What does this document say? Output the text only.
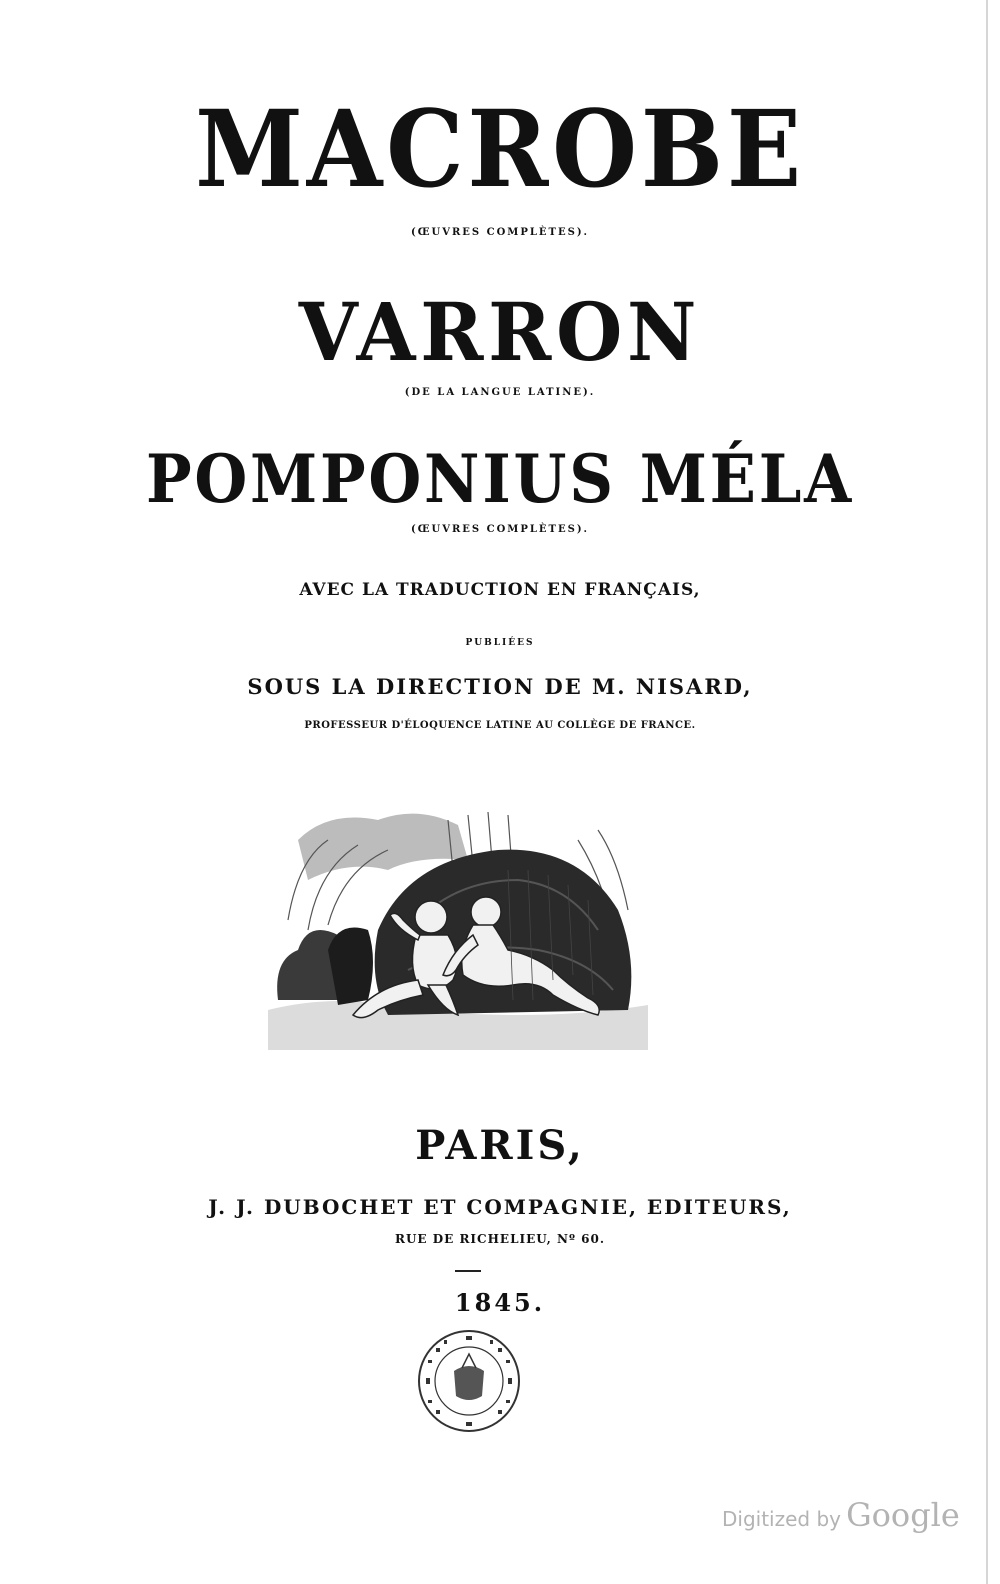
MACROBE
(ŒUVRES COMPLÈTES).
VARRON
(DE LA LANGUE LATINE).
POMPONIUS MÉLA
(ŒUVRES COMPLÈTES).
AVEC LA TRADUCTION EN FRANÇAIS,
PUBLIÉES
SOUS LA DIRECTION DE M. NISARD,
PROFESSEUR D'ÉLOQUENCE LATINE AU COLLÈGE DE FRANCE.
PARIS,
J. J. DUBOCHET ET COMPAGNIE, EDITEURS,
RUE DE RICHELIEU, Nº 60.
1845.
Digitized by Google
